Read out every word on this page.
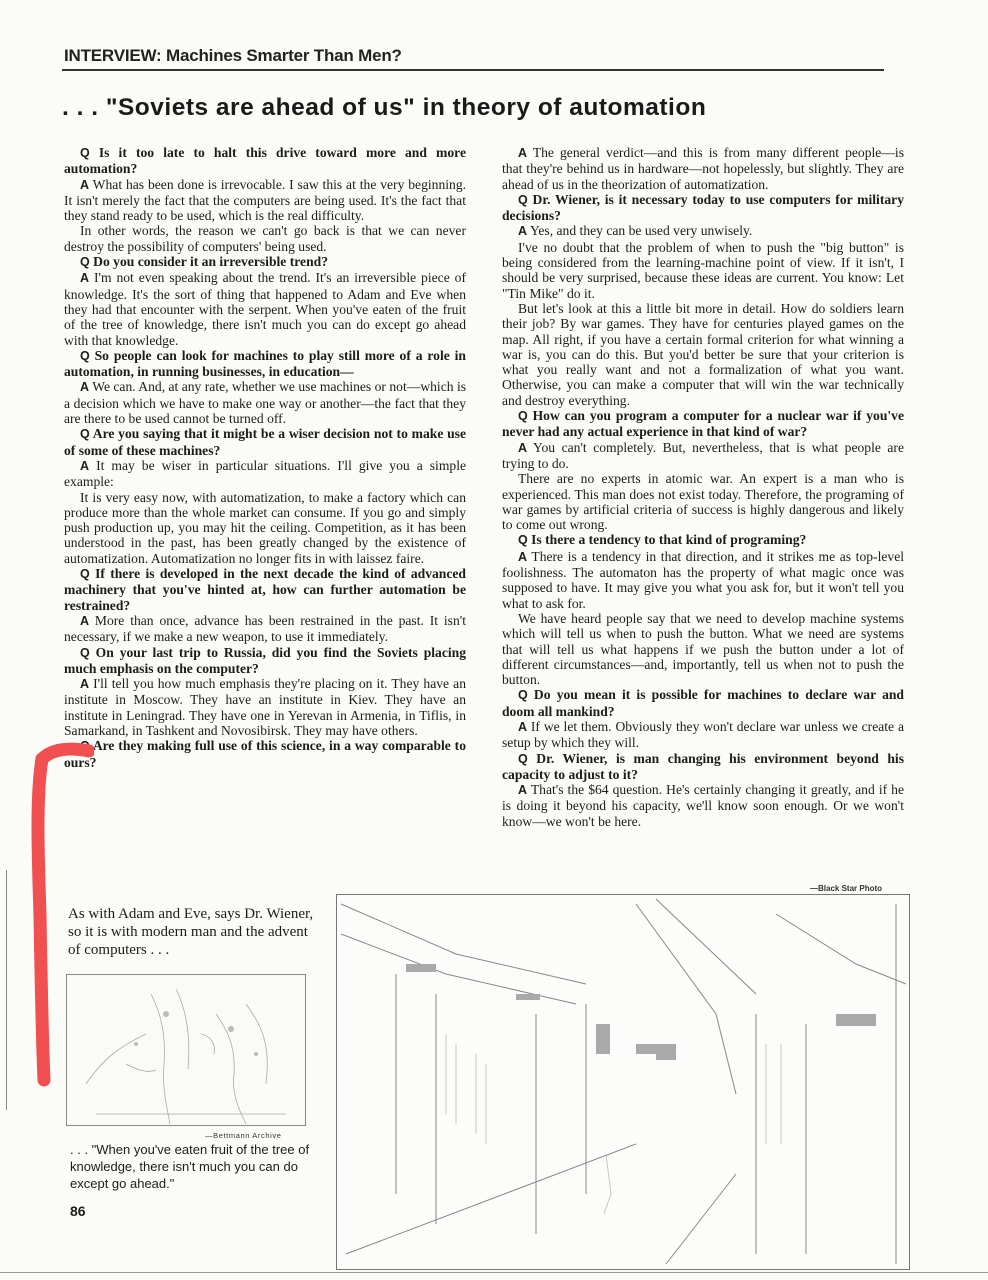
INTERVIEW: Machines Smarter Than Men?
. . . "Soviets are ahead of us" in theory of automation

Q Is it too late to halt this drive toward more and more automation?

A What has been done is irrevocable. I saw this at the very beginning. It isn't merely the fact that the computers are being used. It's the fact that they stand ready to be used, which is the real difficulty.

In other words, the reason we can't go back is that we can never destroy the possibility of computers' being used.

Q Do you consider it an irreversible trend?

A I'm not even speaking about the trend. It's an irreversible piece of knowledge. It's the sort of thing that happened to Adam and Eve when they had that encounter with the serpent. When you've eaten of the fruit of the tree of knowledge, there isn't much you can do except go ahead with that knowledge.

Q So people can look for machines to play still more of a role in automation, in running businesses, in education—

A We can. And, at any rate, whether we use machines or not—which is a decision which we have to make one way or another—the fact that they are there to be used cannot be turned off.

Q Are you saying that it might be a wiser decision not to make use of some of these machines?

A It may be wiser in particular situations. I'll give you a simple example:

It is very easy now, with automatization, to make a factory which can produce more than the whole market can consume. If you go and simply push production up, you may hit the ceiling. Competition, as it has been understood in the past, has been greatly changed by the existence of automatization. Automatization no longer fits in with laissez faire.

Q If there is developed in the next decade the kind of advanced machinery that you've hinted at, how can further automation be restrained?

A More than once, advance has been restrained in the past. It isn't necessary, if we make a new weapon, to use it immediately.

Q On your last trip to Russia, did you find the Soviets placing much emphasis on the computer?

A I'll tell you how much emphasis they're placing on it. They have an institute in Moscow. They have an institute in Kiev. They have an institute in Leningrad. They have one in Yerevan in Armenia, in Tiflis, in Samarkand, in Tashkent and Novosibirsk. They may have others.

Q Are they making full use of this science, in a way comparable to ours?

A The general verdict—and this is from many different people—is that they're behind us in hardware—not hopelessly, but slightly. They are ahead of us in the theorization of automatization.

Q Dr. Wiener, is it necessary today to use computers for military decisions?

A Yes, and they can be used very unwisely.

I've no doubt that the problem of when to push the "big button" is being considered from the learning-machine point of view. If it isn't, I should be very surprised, because these ideas are current. You know: Let "Tin Mike" do it.

But let's look at this a little bit more in detail. How do soldiers learn their job? By war games. They have for centuries played games on the map. All right, if you have a certain formal criterion for what winning a war is, you can do this. But you'd better be sure that your criterion is what you really want and not a formalization of what you want. Otherwise, you can make a computer that will win the war technically and destroy everything.

Q How can you program a computer for a nuclear war if you've never had any actual experience in that kind of war?

A You can't completely. But, nevertheless, that is what people are trying to do.

There are no experts in atomic war. An expert is a man who is experienced. This man does not exist today. Therefore, the programing of war games by artificial criteria of success is highly dangerous and likely to come out wrong.

Q Is there a tendency to that kind of programing?

A There is a tendency in that direction, and it strikes me as top-level foolishness. The automaton has the property of what magic once was supposed to have. It may give you what you ask for, but it won't tell you what to ask for.

We have heard people say that we need to develop machine systems which will tell us when to push the button. What we need are systems that will tell us what happens if we push the button under a lot of different circumstances—and, importantly, tell us when not to push the button.

Q Do you mean it is possible for machines to declare war and doom all mankind?

A If we let them. Obviously they won't declare war unless we create a setup by which they will.

Q Dr. Wiener, is man changing his environment beyond his capacity to adjust to it?

A That's the $64 question. He's certainly changing it greatly, and if he is doing it beyond his capacity, we'll know soon enough. Or we won't know—we won't be here.

—Black Star Photo
As with Adam and Eve, says Dr. Wiener, so it is with modern man and the advent of computers . . .
—Bettmann Archive
. . . "When you've eaten fruit of the tree of knowledge, there isn't much you can do except go ahead."
86
